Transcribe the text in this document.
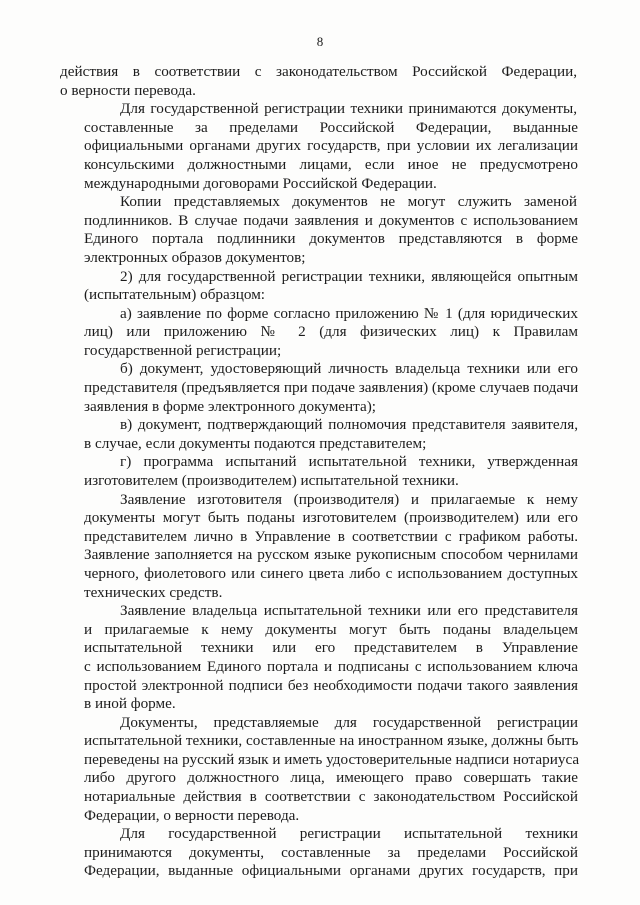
8
действия в соответствии с законодательством Российской Федерации,
о верности перевода.
Для государственной регистрации техники принимаются документы,
составленные за пределами Российской Федерации, выданные
официальными органами других государств, при условии их легализации
консульскими должностными лицами, если иное не предусмотрено
международными договорами Российской Федерации.
Копии представляемых документов не могут служить заменой
подлинников. В случае подачи заявления и документов с использованием
Единого портала подлинники документов представляются в форме
электронных образов документов;
2) для государственной регистрации техники, являющейся опытным
(испытательным) образцом:
а) заявление по форме согласно приложению № 1 (для юридических
лиц) или приложению № 2 (для физических лиц) к Правилам
государственной регистрации;
б) документ, удостоверяющий личность владельца техники или его
представителя (предъявляется при подаче заявления) (кроме случаев подачи
заявления в форме электронного документа);
в) документ, подтверждающий полномочия представителя заявителя,
в случае, если документы подаются представителем;
г) программа испытаний испытательной техники, утвержденная
изготовителем (производителем) испытательной техники.
Заявление изготовителя (производителя) и прилагаемые к нему
документы могут быть поданы изготовителем (производителем) или его
представителем лично в Управление в соответствии с графиком работы.
Заявление заполняется на русском языке рукописным способом чернилами
черного, фиолетового или синего цвета либо с использованием доступных
технических средств.
Заявление владельца испытательной техники или его представителя
и прилагаемые к нему документы могут быть поданы владельцем
испытательной техники или его представителем в Управление
с использованием Единого портала и подписаны с использованием ключа
простой электронной подписи без необходимости подачи такого заявления
в иной форме.
Документы, представляемые для государственной регистрации
испытательной техники, составленные на иностранном языке, должны быть
переведены на русский язык и иметь удостоверительные надписи нотариуса
либо другого должностного лица, имеющего право совершать такие
нотариальные действия в соответствии с законодательством Российской
Федерации, о верности перевода.
Для государственной регистрации испытательной техники
принимаются документы, составленные за пределами Российской
Федерации, выданные официальными органами других государств, при
